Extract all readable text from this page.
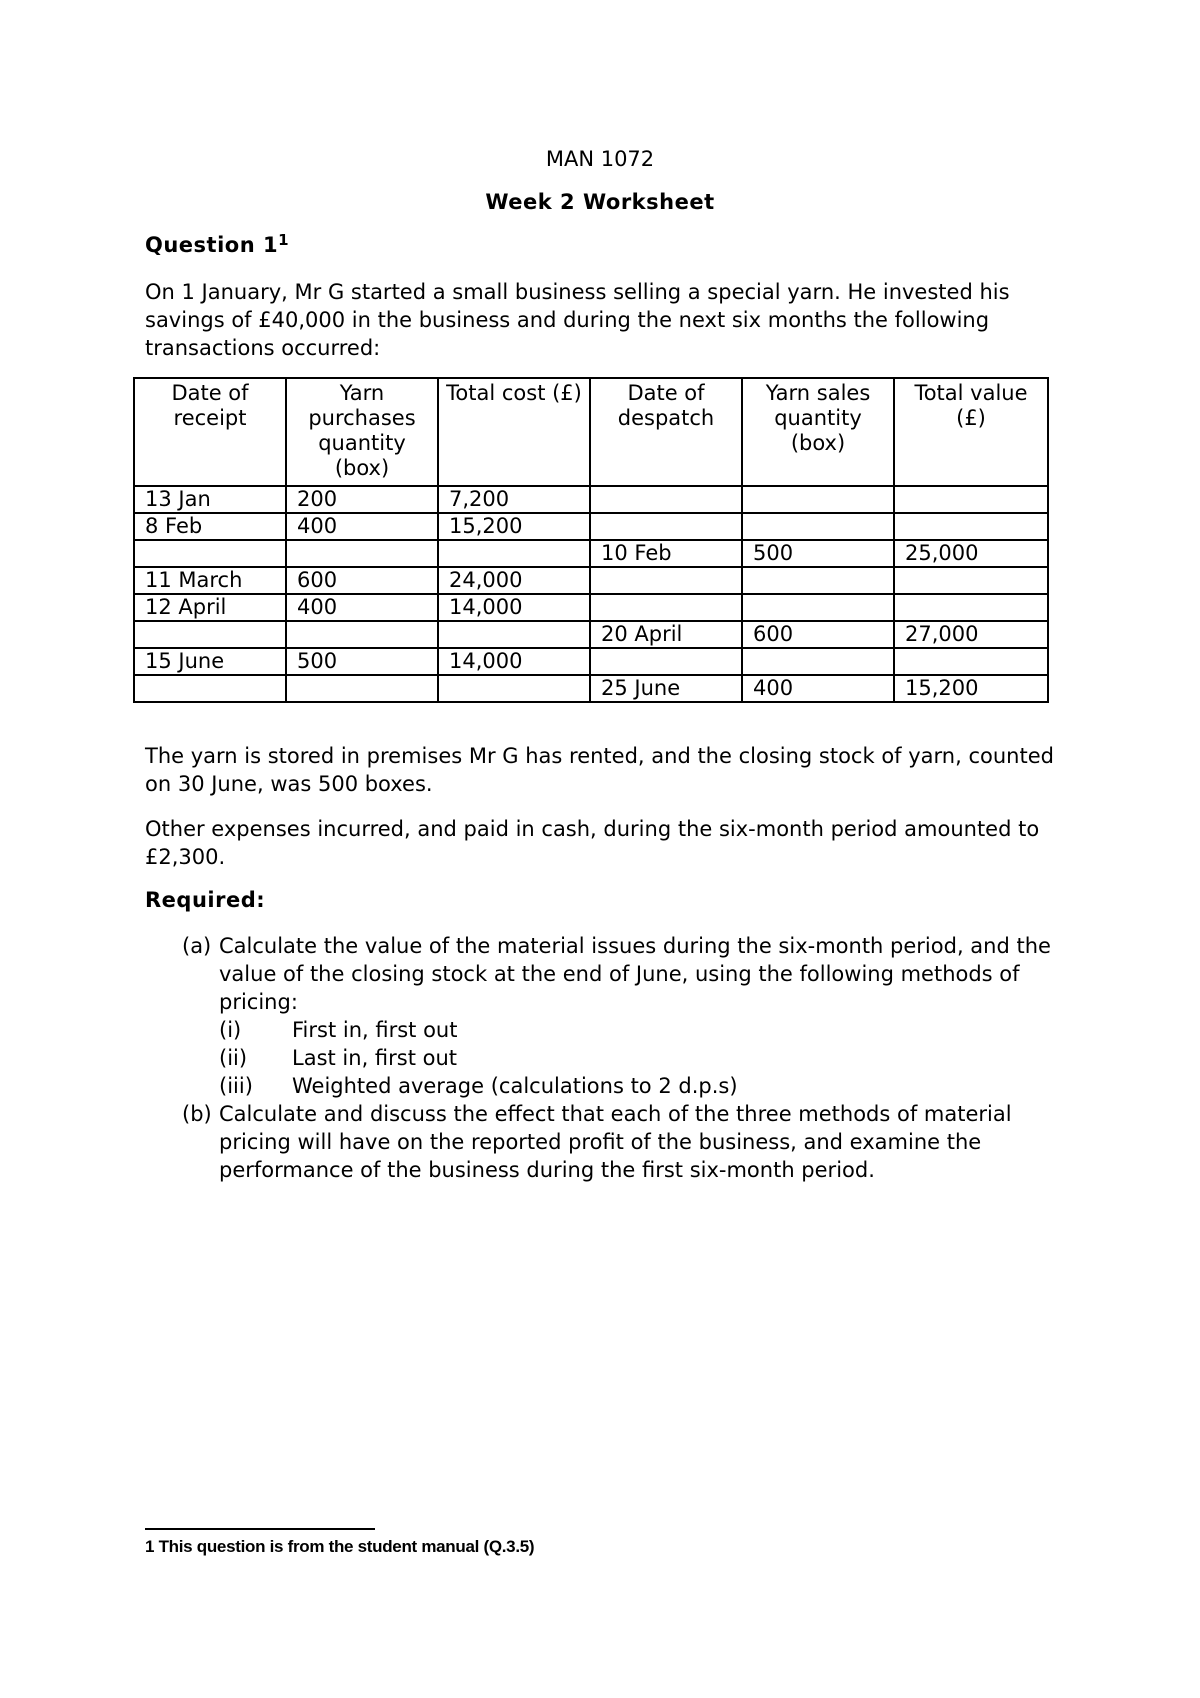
MAN 1072
Week 2 Worksheet
Question $1^1$

On 1 January, Mr G started a small business selling a special yarn. He invested his savings of £40,000 in the business and during the next six months the following transactions occurred:

Date of receipt	Yarn purchases quantity (box)	Total cost (£)	Date of despatch	Yarn sales quantity (box)	Total value (£)
13 Jan	200	7,200			
8 Feb	400	15,200			
			10 Feb	500	25,000
11 March	600	24,000			
12 April	400	14,000			
			20 April	600	27,000
15 June	500	14,000			
			25 June	400	15,200

The yarn is stored in premises Mr G has rented, and the closing stock of yarn, counted on 30 June, was 500 boxes.

Other expenses incurred, and paid in cash, during the six-month period amounted to £2,300.

Required:
(a) Calculate the value of the material issues during the six-month period, and the value of the closing stock at the end of June, using the following methods of pricing:
(i) First in, first out
(ii) Last in, first out
(iii) Weighted average (calculations to 2 d.p.s)
(b) Calculate and discuss the effect that each of the three methods of material pricing will have on the reported profit of the business, and examine the performance of the business during the first six-month period.
1 This question is from the student manual (Q.3.5)
